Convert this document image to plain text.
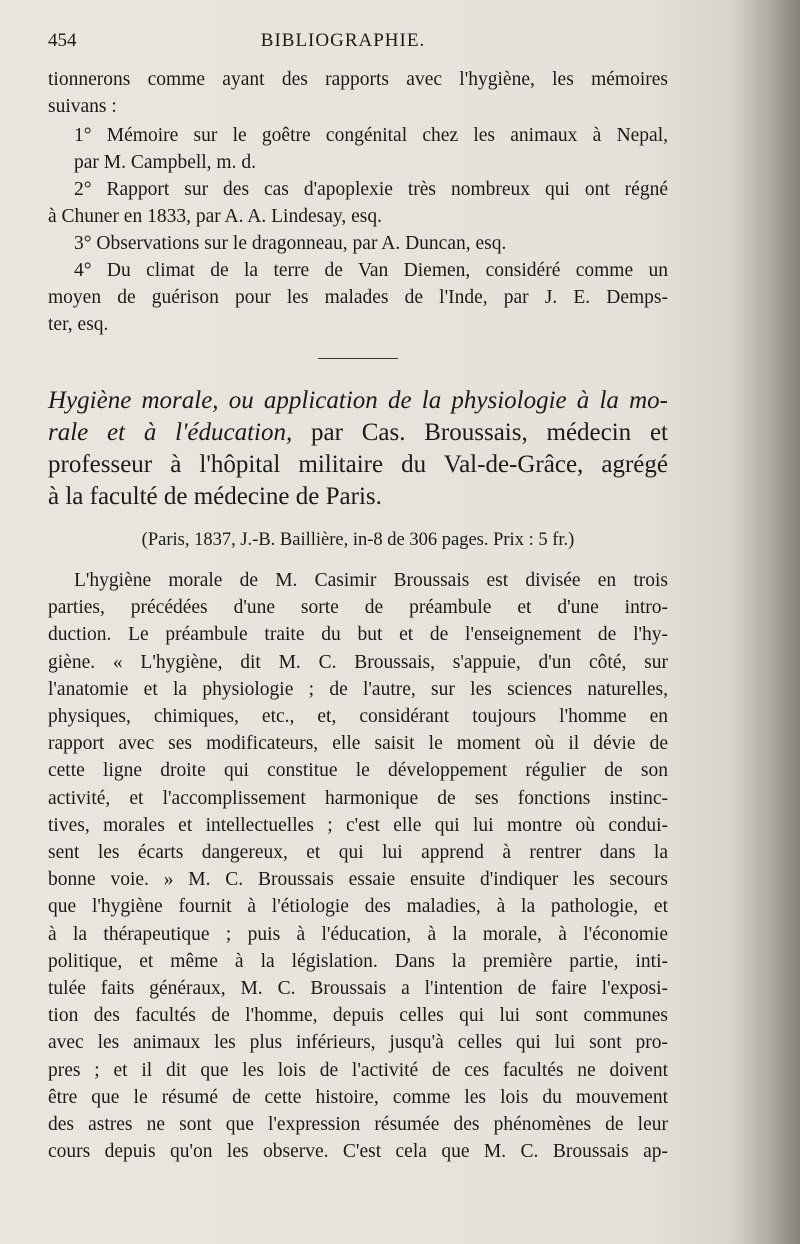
454	BIBLIOGRAPHIE.

tionnerons comme ayant des rapports avec l'hygiène, les mémoires
suivans :

1° Mémoire sur le goêtre congénital chez les animaux à Nepal,
par M. Campbell, m. d.

2° Rapport sur des cas d'apoplexie très nombreux qui ont régné
à Chuner en 1833, par A. A. Lindesay, esq.

3° Observations sur le dragonneau, par A. Duncan, esq.

4° Du climat de la terre de Van Diemen, considéré comme un
moyen de guérison pour les malades de l'Inde, par J. E. Demps-
ter, esq.

Hygiène morale, ou application de la physiologie à la mo-
rale et à l'éducation, par Cas. Broussais, médecin et
professeur à l'hôpital militaire du Val-de-Grâce, agrégé
à la faculté de médecine de Paris.

(Paris, 1837, J.-B. Baillière, in-8 de 306 pages. Prix : 5 fr.)

L'hygiène morale de M. Casimir Broussais est divisée en trois
parties, précédées d'une sorte de préambule et d'une intro-
duction. Le préambule traite du but et de l'enseignement de l'hy-
giène. « L'hygiène, dit M. C. Broussais, s'appuie, d'un côté, sur
l'anatomie et la physiologie ; de l'autre, sur les sciences naturelles,
physiques, chimiques, etc., et, considérant toujours l'homme en
rapport avec ses modificateurs, elle saisit le moment où il dévie de
cette ligne droite qui constitue le développement régulier de son
activité, et l'accomplissement harmonique de ses fonctions instinc-
tives, morales et intellectuelles ; c'est elle qui lui montre où condui-
sent les écarts dangereux, et qui lui apprend à rentrer dans la
bonne voie. » M. C. Broussais essaie ensuite d'indiquer les secours
que l'hygiène fournit à l'étiologie des maladies, à la pathologie, et
à la thérapeutique ; puis à l'éducation, à la morale, à l'économie
politique, et même à la législation. Dans la première partie, inti-
tulée faits généraux, M. C. Broussais a l'intention de faire l'exposi-
tion des facultés de l'homme, depuis celles qui lui sont communes
avec les animaux les plus inférieurs, jusqu'à celles qui lui sont pro-
pres ; et il dit que les lois de l'activité de ces facultés ne doivent
être que le résumé de cette histoire, comme les lois du mouvement
des astres ne sont que l'expression résumée des phénomènes de leur
cours depuis qu'on les observe. C'est cela que M. C. Broussais ap-
